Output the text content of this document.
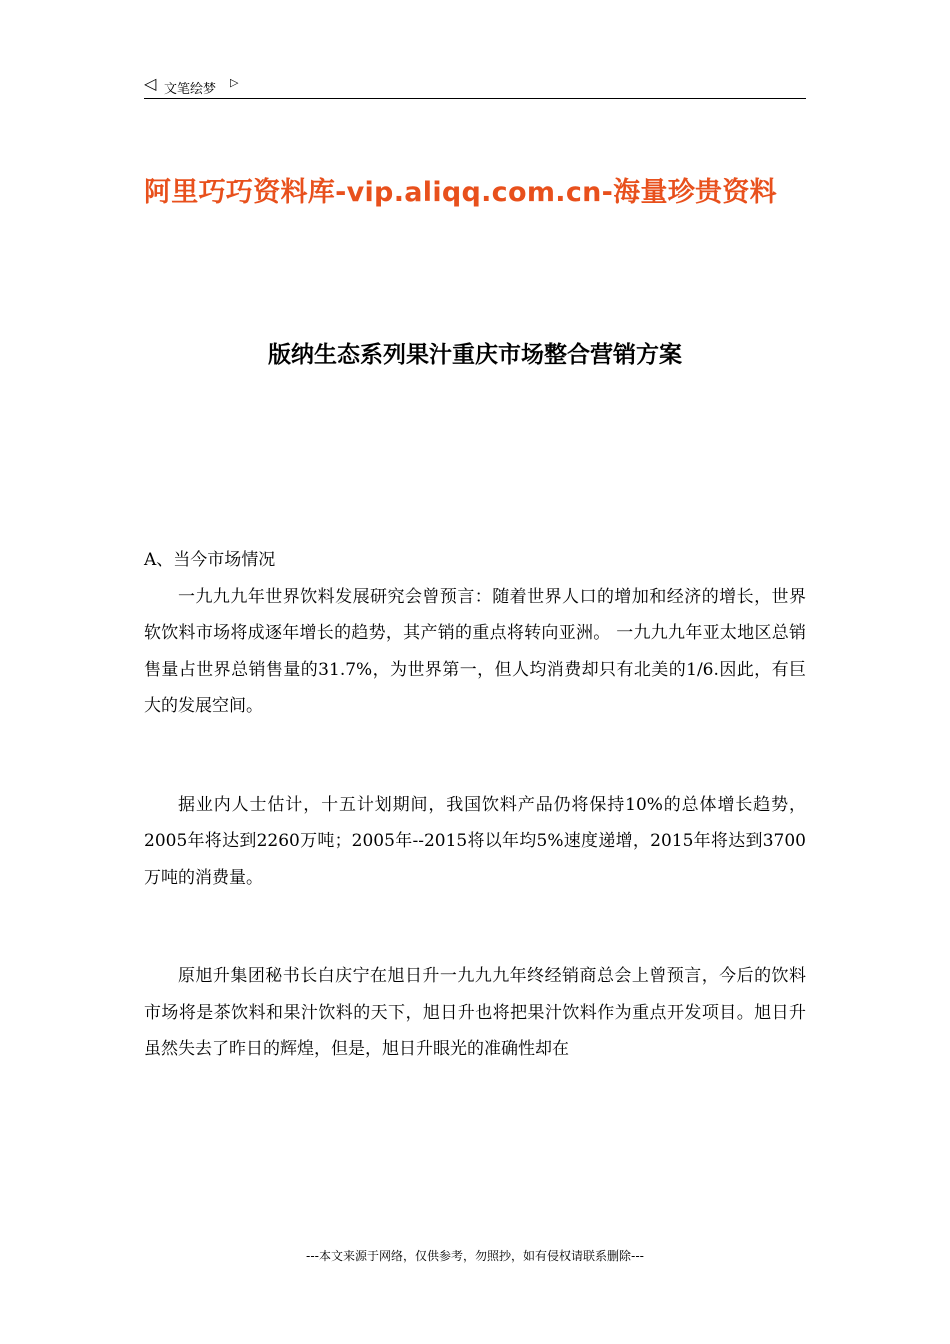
◁ 文笔绘梦 ▷
阿里巧巧资料库-vip.aliqq.com.cn-海量珍贵资料
版纳生态系列果汁重庆市场整合营销方案

A、当今市场情况

一九九九年世界饮料发展研究会曾预言：随着世界人口的增加和经济的增长，世界软饮料市场将成逐年增长的趋势，其产销的重点将转向亚洲。 一九九九年亚太地区总销售量占世界总销售量的31.7%，为世界第一，但人均消费却只有北美的1/6.因此，有巨大的发展空间。

据业内人士估计，十五计划期间，我国饮料产品仍将保持10%的总体增长趋势，2005年将达到2260万吨；2005年--2015将以年均5%速度递增，2015年将达到3700万吨的消费量。

原旭升集团秘书长白庆宁在旭日升一九九九年终经销商总会上曾预言，今后的饮料市场将是茶饮料和果汁饮料的天下，旭日升也将把果汁饮料作为重点开发项目。旭日升虽然失去了昨日的辉煌，但是，旭日升眼光的准确性却在

---本文来源于网络，仅供参考，勿照抄，如有侵权请联系删除---
